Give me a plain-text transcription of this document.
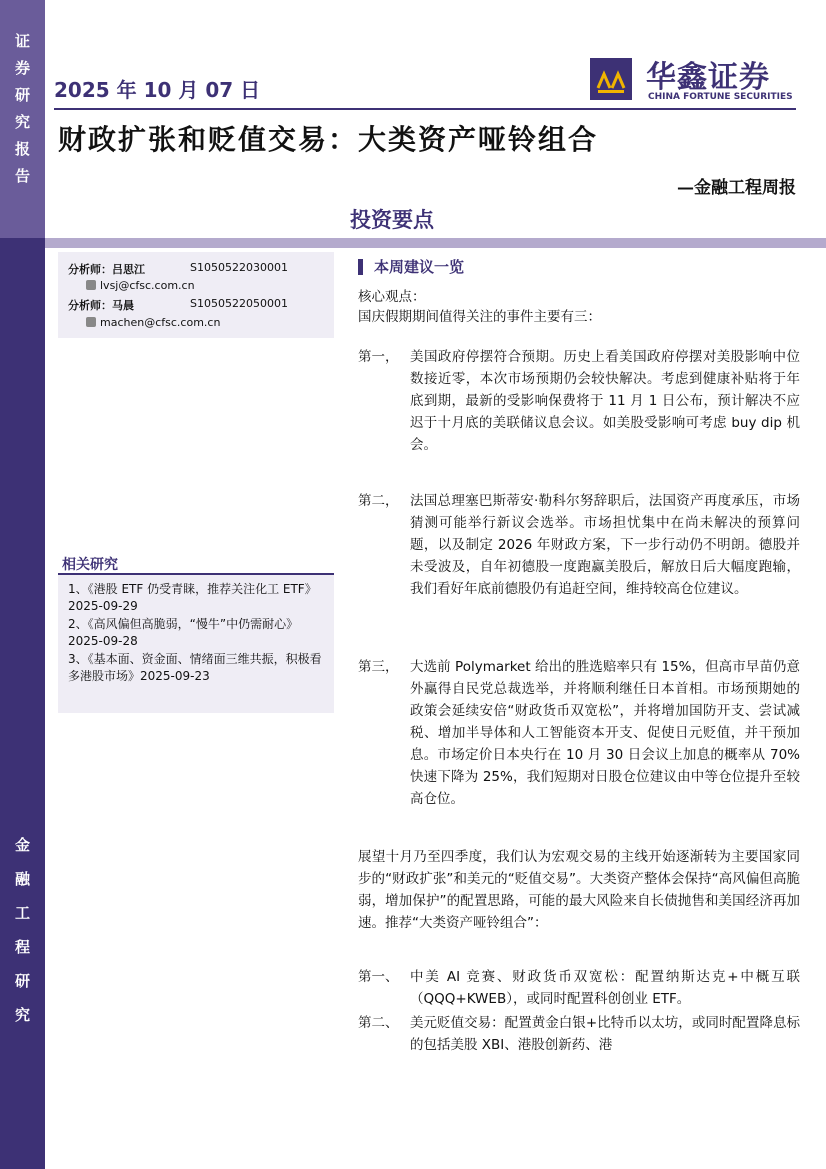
证
券
研
究
报
告
金
融
工
程
研
究
2025 年 10 月 07 日	华鑫证券
CHINA FORTUNE SECURITIES
财政扩张和贬值交易：大类资产哑铃组合
—金融工程周报
投资要点
分析师：吕思江	S1050522030001
lvsj@cfsc.com.cn
分析师：马晨	S1050522050001
machen@cfsc.com.cn
相关研究
1、《港股 ETF 仍受青睐，推荐关注化工 ETF》2025-09-29
2、《高风偏但高脆弱，“慢牛”中仍需耐心》2025-09-28
3、《基本面、资金面、情绪面三维共振，积极看多港股市场》2025-09-23
本周建议一览
核心观点：
国庆假期期间值得关注的事件主要有三：
第一， 美国政府停摆符合预期。历史上看美国政府停摆对美股影响中位数接近零，本次市场预期仍会较快解决。考虑到健康补贴将于年底到期，最新的受影响保费将于 11 月 1 日公布，预计解决不应迟于十月底的美联储议息会议。如美股受影响可考虑 buy dip 机会。
第二， 法国总理塞巴斯蒂安·勒科尔努辞职后，法国资产再度承压，市场猜测可能举行新议会选举。市场担忧集中在尚未解决的预算问题，以及制定 2026 年财政方案，下一步行动仍不明朗。德股并未受波及，自年初德股一度跑赢美股后，解放日后大幅度跑输，我们看好年底前德股仍有追赶空间，维持较高仓位建议。
第三， 大选前 Polymarket 给出的胜选赔率只有 15%，但高市早苗仍意外赢得自民党总裁选举，并将顺利继任日本首相。市场预期她的政策会延续安倍“财政货币双宽松”，并将增加国防开支、尝试减税、增加半导体和人工智能资本开支、促使日元贬值，并干预加息。市场定价日本央行在 10 月 30 日会议上加息的概率从 70%快速下降为 25%，我们短期对日股仓位建议由中等仓位提升至较高仓位。
展望十月乃至四季度，我们认为宏观交易的主线开始逐渐转为主要国家同步的“财政扩张”和美元的“贬值交易”。大类资产整体会保持“高风偏但高脆弱，增加保护”的配置思路，可能的最大风险来自长债抛售和美国经济再加速。推荐“大类资产哑铃组合”：
第一、 中美 AI 竞赛、财政货币双宽松：配置纳斯达克+中概互联（QQQ+KWEB），或同时配置科创创业 ETF。
第二、 美元贬值交易：配置黄金白银+比特币以太坊，或同时配置降息标的包括美股 XBI、港股创新药、港
